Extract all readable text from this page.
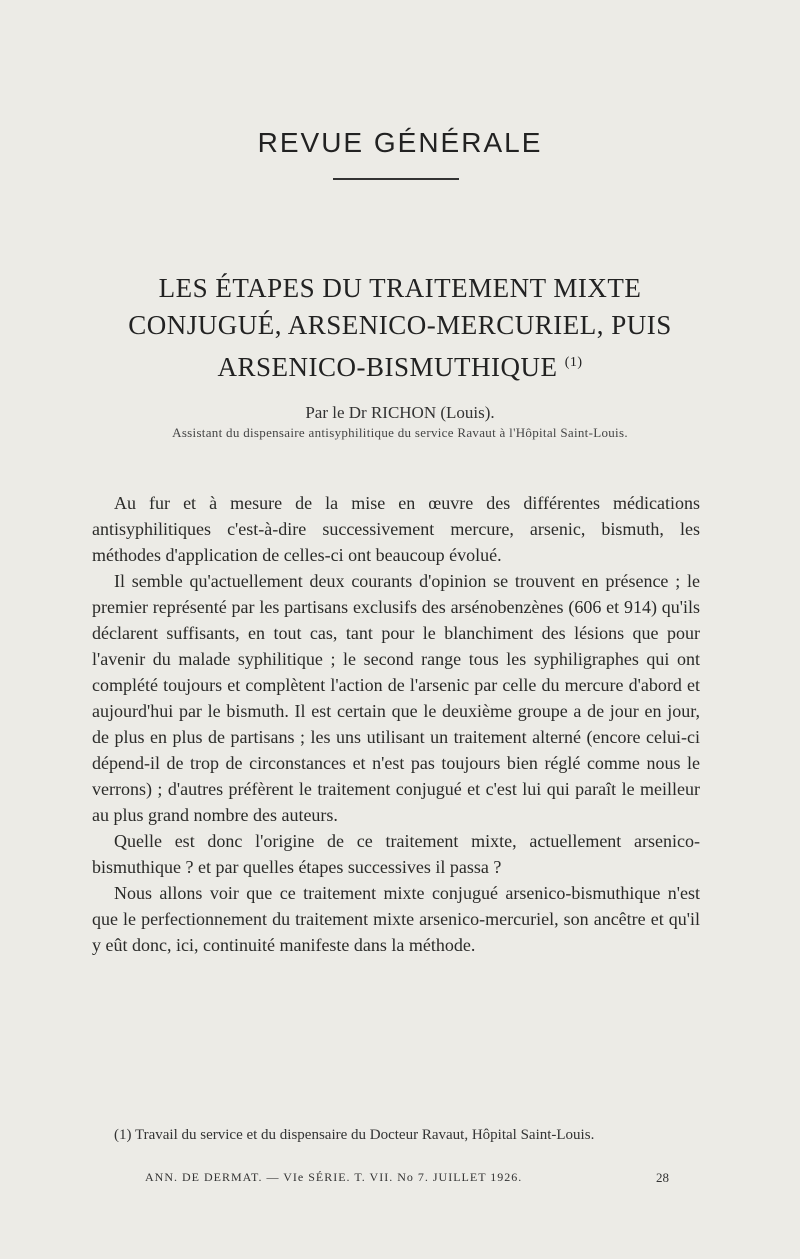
REVUE GÉNÉRALE
LES ÉTAPES DU TRAITEMENT MIXTE
CONJUGUÉ, ARSENICO-MERCURIEL, PUIS
ARSENICO-BISMUTHIQUE $^{(1)}$
Par le Dr RICHON (Louis).
Assistant du dispensaire antisyphilitique du service Ravaut à l'Hôpital Saint-Louis.

Au fur et à mesure de la mise en œuvre des différentes médications antisyphilitiques c'est-à-dire successivement mercure, arsenic, bismuth, les méthodes d'application de celles-ci ont beaucoup évolué.

Il semble qu'actuellement deux courants d'opinion se trouvent en présence ; le premier représenté par les partisans exclusifs des arsénobenzènes (606 et 914) qu'ils déclarent suffisants, en tout cas, tant pour le blanchiment des lésions que pour l'avenir du malade syphilitique ; le second range tous les syphiligraphes qui ont complété toujours et complètent l'action de l'arsenic par celle du mercure d'abord et aujourd'hui par le bismuth. Il est certain que le deuxième groupe a de jour en jour, de plus en plus de partisans ; les uns utilisant un traitement alterné (encore celui-ci dépend-il de trop de circonstances et n'est pas toujours bien réglé comme nous le verrons) ; d'autres préfèrent le traitement conjugué et c'est lui qui paraît le meilleur au plus grand nombre des auteurs.

Quelle est donc l'origine de ce traitement mixte, actuellement arsenico-bismuthique ? et par quelles étapes successives il passa ?

Nous allons voir que ce traitement mixte conjugué arsenico-bismuthique n'est que le perfectionnement du traitement mixte arsenico-mercuriel, son ancêtre et qu'il y eût donc, ici, continuité manifeste dans la méthode.

(1) Travail du service et du dispensaire du Docteur Ravaut, Hôpital Saint-Louis.
ANN. DE DERMAT. — VIe SÉRIE. T. VII. No 7. JUILLET 1926.	28
